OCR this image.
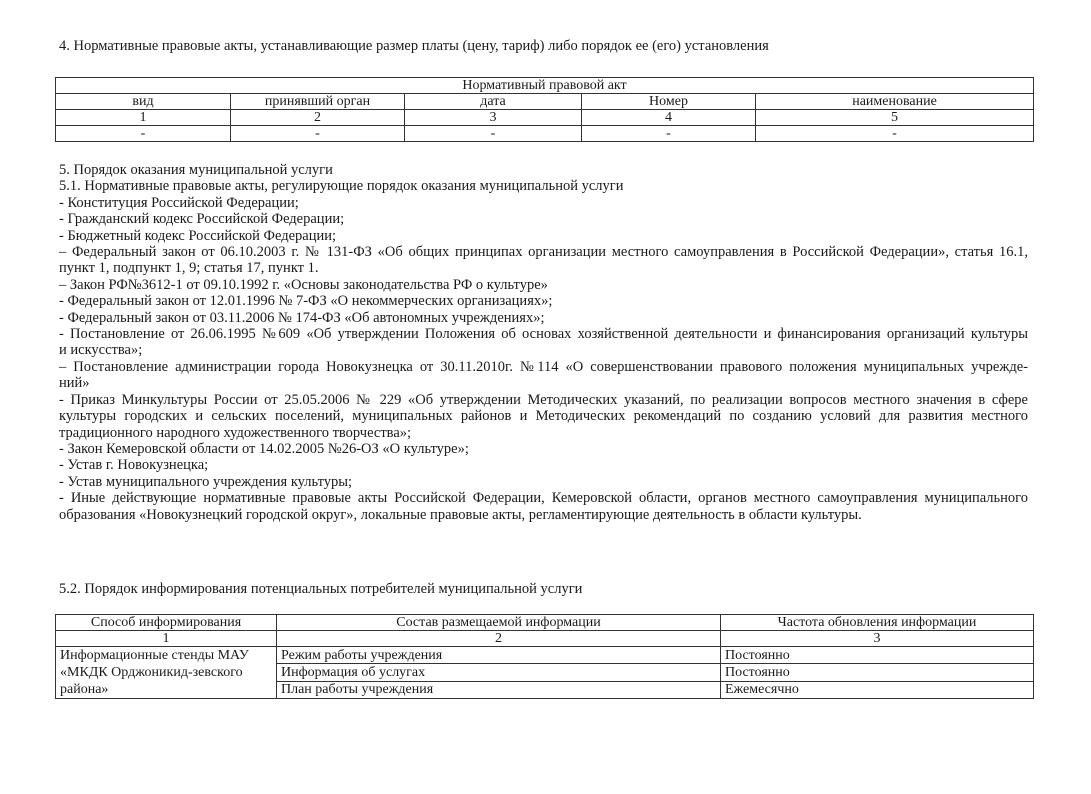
4. Нормативные правовые акты, устанавливающие размер платы (цену, тариф) либо порядок ее (его) установления
Нормативный правовой акт				
вид	принявший орган	дата	Номер	наименование
1	2	3	4	5
-	-	-	-	-
5. Порядок оказания муниципальной услуги
5.1. Нормативные правовые акты, регулирующие порядок оказания муниципальной услуги
- Конституция Российской Федерации;
- Гражданский кодекс Российской Федерации;
- Бюджетный кодекс Российской Федерации;
– Федеральный закон от 06.10.2003 г. № 131-ФЗ «Об общих принципах организации местного самоуправления в Российской Федерации», статья 16.1,
пункт 1, подпункт 1, 9; статья 17, пункт 1.
– Закон РФ№3612-1 от 09.10.1992 г. «Основы законодательства РФ о культуре»
- Федеральный закон от 12.01.1996 № 7-ФЗ «О некоммерческих организациях»;
- Федеральный закон от 03.11.2006 № 174-ФЗ «Об автономных учреждениях»;
- Постановление от 26.06.1995 №609 «Об утверждении Положения об основах хозяйственной деятельности и финансирования организаций культуры
и искусства»;
– Постановление администрации города Новокузнецка от 30.11.2010г. №114 «О совершенствовании правового положения муниципальных учрежде-
ний»
- Приказ Минкультуры России от 25.05.2006 № 229 «Об утверждении Методических указаний, по реализации вопросов местного значения в сфере
культуры городских и сельских поселений, муниципальных районов и Методических рекомендаций по созданию условий для развития местного
традиционного народного художественного творчества»;
- Закон Кемеровской области от 14.02.2005 №26-ОЗ «О культуре»;
- Устав г. Новокузнецка;
- Устав муниципального учреждения культуры;
- Иные действующие нормативные правовые акты Российской Федерации, Кемеровской области, органов местного самоуправления муниципального
образования «Новокузнецкий городской округ», локальные правовые акты, регламентирующие деятельность в области культуры.
5.2. Порядок информирования потенциальных потребителей муниципальной услуги
Способ информирования	Состав размещаемой информации	Частота обновления информации
1	2	3
Информационные стенды МАУ «МКДК Орджоникид-зевского района»	Режим работы учреждения	Постоянно
	Информация об услугах	Постоянно
	План работы учреждения	Ежемесячно
